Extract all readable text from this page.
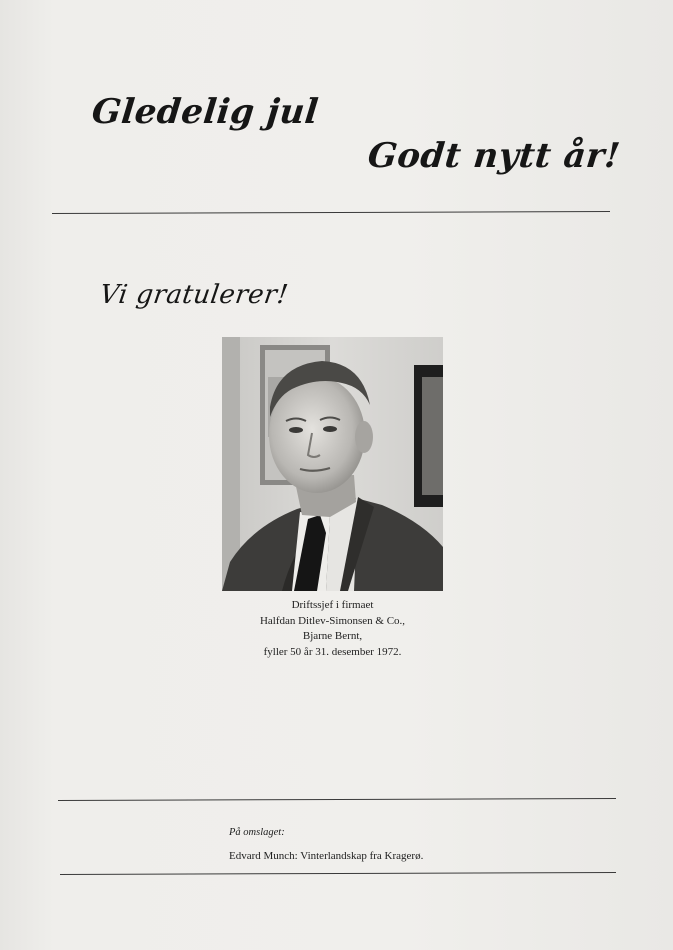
Gledelig jul
Godt nytt år!
Vi gratulerer!
Driftssjef i firmaet
Halfdan Ditlev-Simonsen & Co.,
Bjarne Bernt,
fyller 50 år 31. desember 1972.
På omslaget:
Edvard Munch: Vinterlandskap fra Kragerø.
